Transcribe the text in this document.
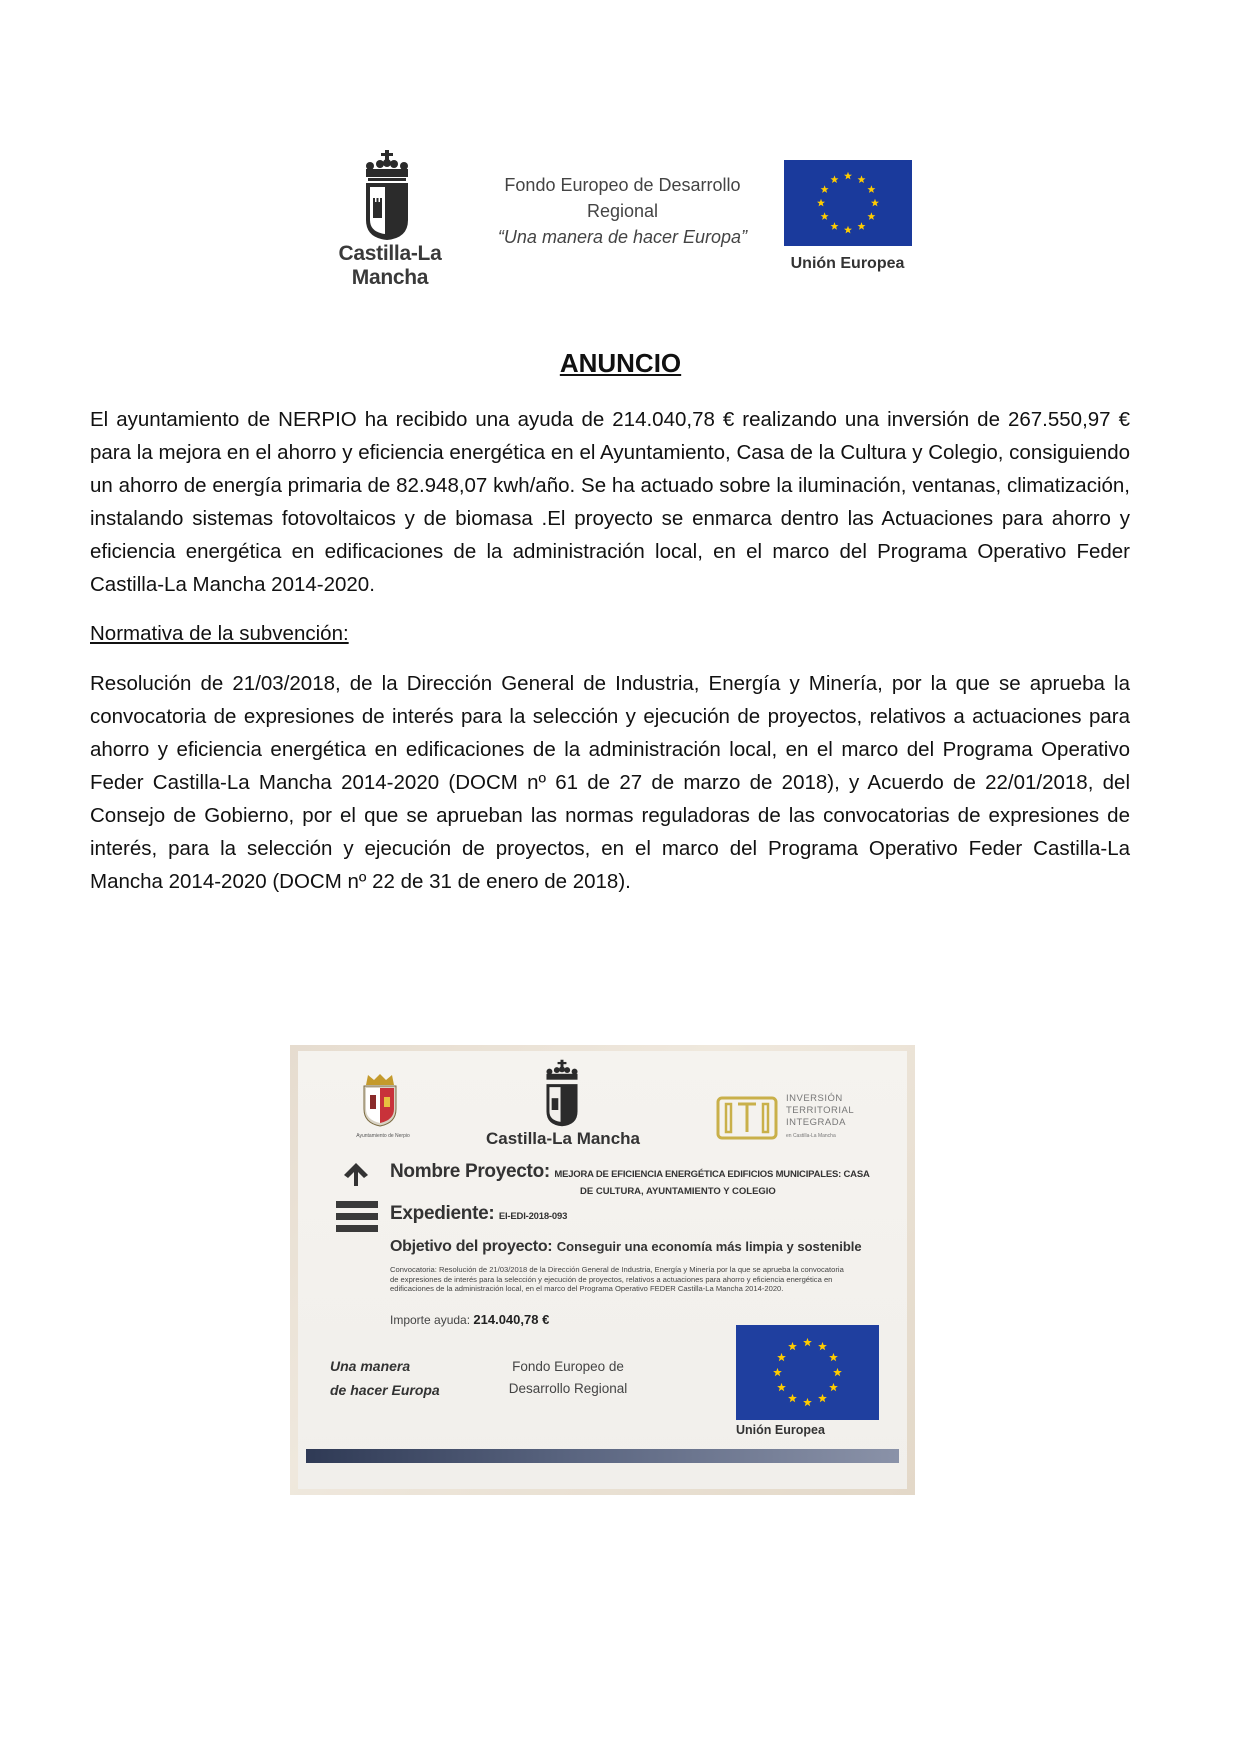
Castilla-La Mancha
Fondo Europeo de Desarrollo
Regional
“Una manera de hacer Europa”
Unión Europea
ANUNCIO
El ayuntamiento de NERPIO ha recibido una ayuda de 214.040,78 € realizando una inversión de 267.550,97 € para la mejora en el ahorro y eficiencia energética en el Ayuntamiento, Casa de la Cultura y Colegio, consiguiendo un ahorro de energía primaria de 82.948,07 kwh/año. Se ha actuado sobre la iluminación, ventanas, climatización, instalando sistemas fotovoltaicos y de biomasa .El proyecto se enmarca dentro las Actuaciones para ahorro y eficiencia energética en edificaciones de la administración local, en el marco del Programa Operativo Feder Castilla-La Mancha 2014-2020.
Normativa de la subvención:
Resolución de 21/03/2018, de la Dirección General de Industria, Energía y Minería, por la que se aprueba la convocatoria de expresiones de interés para la selección y ejecución de proyectos, relativos a actuaciones para ahorro y eficiencia energética en edificaciones de la administración local, en el marco del Programa Operativo Feder Castilla-La Mancha 2014-2020 (DOCM nº 61 de 27 de marzo de 2018), y Acuerdo de 22/01/2018, del Consejo de Gobierno, por el que se aprueban las normas reguladoras de las convocatorias de expresiones de interés, para la selección y ejecución de proyectos, en el marco del Programa Operativo Feder Castilla-La Mancha 2014-2020 (DOCM nº 22 de 31 de enero de 2018).
Ayuntamiento de Nerpio	Castilla-La Mancha
INVERSIÓN
TERRITORIAL
INTEGRADA
en Castilla-La Mancha
Nombre Proyecto: MEJORA DE EFICIENCIA ENERGÉTICA EDIFICIOS MUNICIPALES: CASA
DE CULTURA, AYUNTAMIENTO Y COLEGIO
Expediente: EI-EDI-2018-093
Objetivo del proyecto: Conseguir una economía más limpia y sostenible
Convocatoria: Resolución de 21/03/2018 de la Dirección General de Industria, Energía y Minería por la que se aprueba la convocatoria de expresiones de interés para la selección y ejecución de proyectos, relativos a actuaciones para ahorro y eficiencia energética en edificaciones de la administración local, en el marco del Programa Operativo FEDER Castilla-La Mancha 2014-2020.
Importe ayuda: 214.040,78 €
Una manera
de hacer Europa
Fondo Europeo de
Desarrollo Regional
Unión Europea
